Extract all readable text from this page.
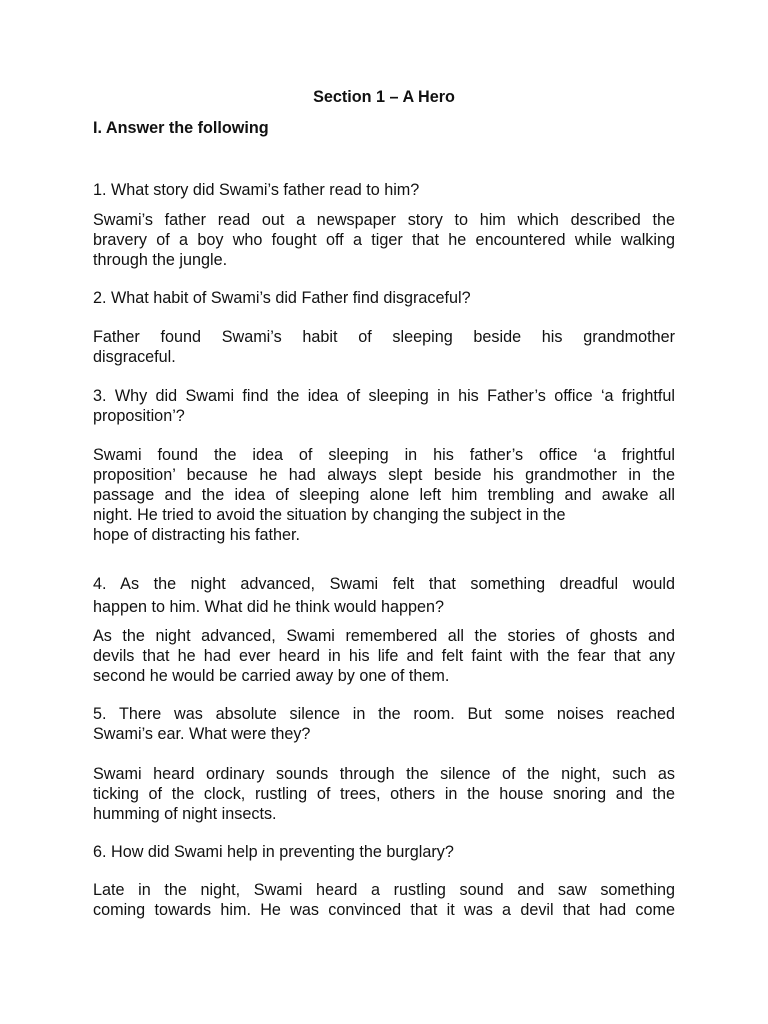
Section 1 – A Hero

I. Answer the following

1. What story did Swami’s father read to him?

Swami’s father read out a newspaper story to him which described the
bravery of a boy who fought off a tiger that he encountered while walking
through the jungle.

2. What habit of Swami’s did Father find disgraceful?

Father found Swami’s habit of sleeping beside his grandmother
disgraceful.

3. Why did Swami find the idea of sleeping in his Father’s office ‘a frightful
proposition’?

Swami found the idea of sleeping in his father’s office ‘a frightful
proposition’ because he had always slept beside his grandmother in the
passage and the idea of sleeping alone left him trembling and awake all
night. He tried to avoid the situation by changing the subject in the
hope of distracting his father.

4. As the night advanced, Swami felt that something dreadful would
happen to him. What did he think would happen?

As the night advanced, Swami remembered all the stories of ghosts and
devils that he had ever heard in his life and felt faint with the fear that any
second he would be carried away by one of them.

5. There was absolute silence in the room. But some noises reached
Swami’s ear. What were they?

Swami heard ordinary sounds through the silence of the night, such as
ticking of the clock, rustling of trees, others in the house snoring and the
humming of night insects.

6. How did Swami help in preventing the burglary?

Late in the night, Swami heard a rustling sound and saw something
coming towards him. He was convinced that it was a devil that had come
